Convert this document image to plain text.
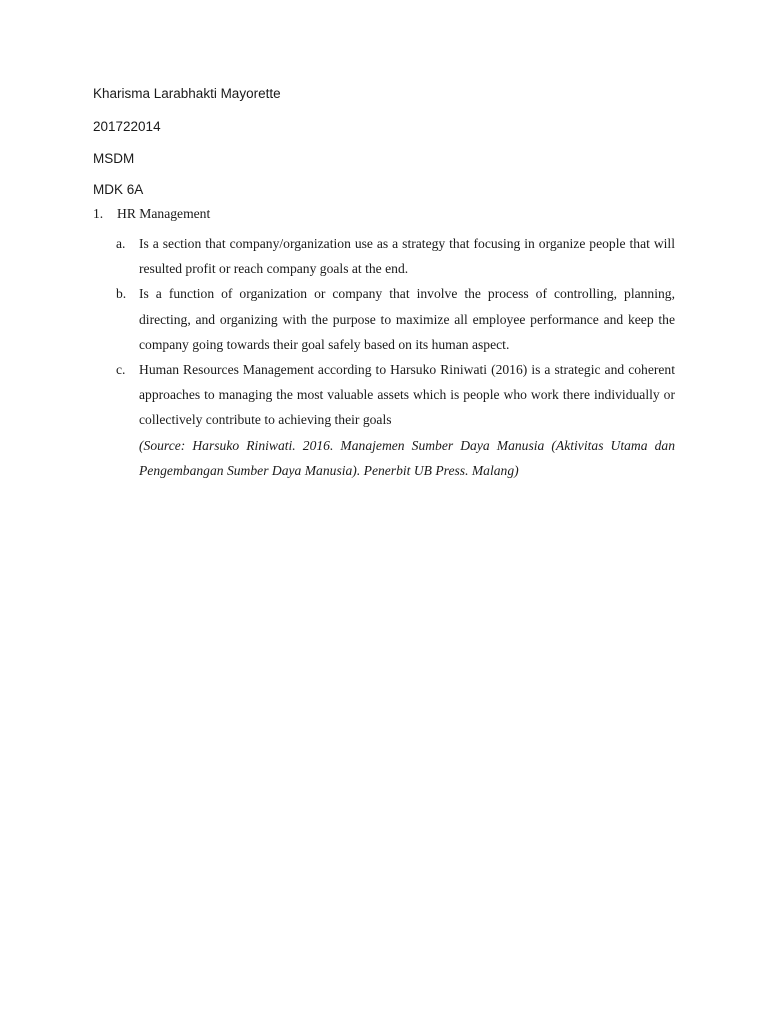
Kharisma Larabhakti Mayorette
201722014
MSDM
MDK 6A
1.	HR Management
a. Is a section that company/organization use as a strategy that focusing in organize people that will resulted profit or reach company goals at the end.
b. Is a function of organization or company that involve the process of controlling, planning, directing, and organizing with the purpose to maximize all employee performance and keep the company going towards their goal safely based on its human aspect.
c. Human Resources Management according to Harsuko Riniwati (2016) is a strategic and coherent approaches to managing the most valuable assets which is people who work there individually or collectively contribute to achieving their goals
(Source: Harsuko Riniwati. 2016. Manajemen Sumber Daya Manusia (Aktivitas Utama dan Pengembangan Sumber Daya Manusia). Penerbit UB Press. Malang)
